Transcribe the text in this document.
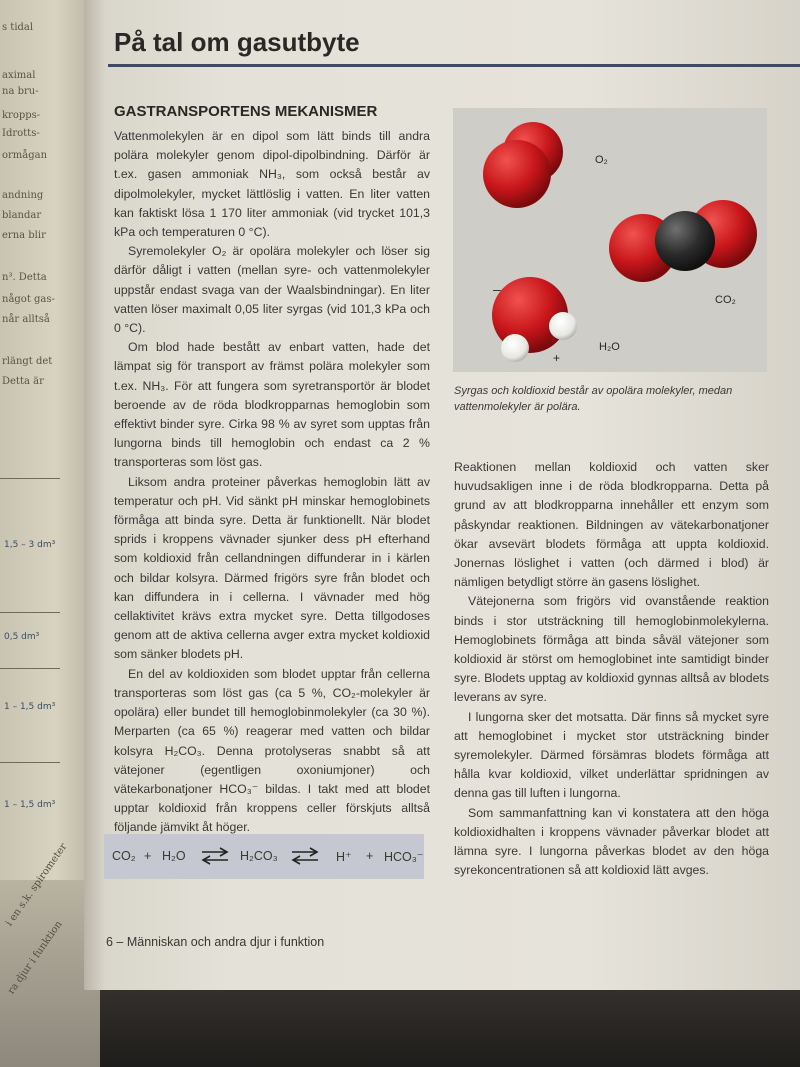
s tidal
aximal
na bru-
kropps-
Idrotts-
ormågan
andning
blandar
erna blir
n³. Detta
något gas-
når alltså
rlängt det
Detta är
1,5 – 3 dm³
0,5 dm³
1 – 1,5 dm³
1 – 1,5 dm³
i en s.k. spirometer
ra djur i funktion
På tal om gasutbyte
GASTRANSPORTENS MEKANISMER

Vattenmolekylen är en dipol som lätt binds till andra polära molekyler genom dipol-dipolbindning. Därför är t.ex. gasen ammoniak NH₃, som också består av dipolmolekyler, mycket lättlöslig i vatten. En liter vatten kan faktiskt lösa 1 170 liter ammoniak (vid trycket 101,3 kPa och temperaturen 0 °C).

Syremolekyler O₂ är opolära molekyler och löser sig därför dåligt i vatten (mellan syre- och vattenmolekyler uppstår endast svaga van der Waalsbindningar). En liter vatten löser maximalt 0,05 liter syrgas (vid 101,3 kPa och 0 °C).

Om blod hade bestått av enbart vatten, hade det lämpat sig för transport av främst polära molekyler som t.ex. NH₃. För att fungera som syretransportör är blodet beroende av de röda blodkropparnas hemoglobin som effektivt binder syre. Cirka 98 % av syret som upptas från lungorna binds till hemoglobin och endast ca 2 % transporteras som löst gas.

Liksom andra proteiner påverkas hemoglobin lätt av temperatur och pH. Vid sänkt pH minskar hemoglobinets förmåga att binda syre. Detta är funktionellt. När blodet sprids i kroppens vävnader sjunker dess pH efterhand som koldioxid från cellandningen diffunderar in i kärlen och bildar kolsyra. Därmed frigörs syre från blodet och kan diffundera in i cellerna. I vävnader med hög cellaktivitet krävs extra mycket syre. Detta tillgodoses genom att de aktiva cellerna avger extra mycket koldioxid som sänker blodets pH.

En del av koldioxiden som blodet upptar från cellerna transporteras som löst gas (ca 5 %, CO₂-molekyler är opolära) eller bundet till hemoglobinmolekyler (ca 30 %). Merparten (ca 65 %) reagerar med vatten och bildar kolsyra H₂CO₃. Denna protolyseras snabbt så att vätejoner (egentligen oxoniumjoner) och vätekarbonatjoner HCO₃⁻ bildas. I takt med att blodet upptar koldioxid från kroppens celler förskjuts alltså följande jämvikt åt höger.

O₂
CO₂
–
+
H₂O
Syrgas och koldioxid består av opolära molekyler, medan vattenmolekyler är polära.
CO₂ + H₂O ⇌ H₂CO₃ ⇌ H⁺ + HCO₃⁻

Reaktionen mellan koldioxid och vatten sker huvudsakligen inne i de röda blodkropparna. Detta på grund av att blodkropparna innehåller ett enzym som påskyndar reaktionen. Bildningen av vätekarbonatjoner ökar avsevärt blodets förmåga att uppta koldioxid. Jonernas löslighet i vatten (och därmed i blod) är nämligen betydligt större än gasens löslighet.

Vätejonerna som frigörs vid ovanstående reaktion binds i stor utsträckning till hemoglobinmolekylerna. Hemoglobinets förmåga att binda såväl vätejoner som koldioxid är störst om hemoglobinet inte samtidigt binder syre. Blodets upptag av koldioxid gynnas alltså av blodets leverans av syre.

I lungorna sker det motsatta. Där finns så mycket syre att hemoglobinet i mycket stor utsträckning binder syremolekyler. Därmed försämras blodets förmåga att hålla kvar koldioxid, vilket underlättar spridningen av denna gas till luften i lungorna.

Som sammanfattning kan vi konstatera att den höga koldioxidhalten i kroppens vävnader påverkar blodet att lämna syre. I lungorna påverkas blodet av den höga syrekoncentrationen så att koldioxid lätt avges.

6 – Människan och andra djur i funktion
